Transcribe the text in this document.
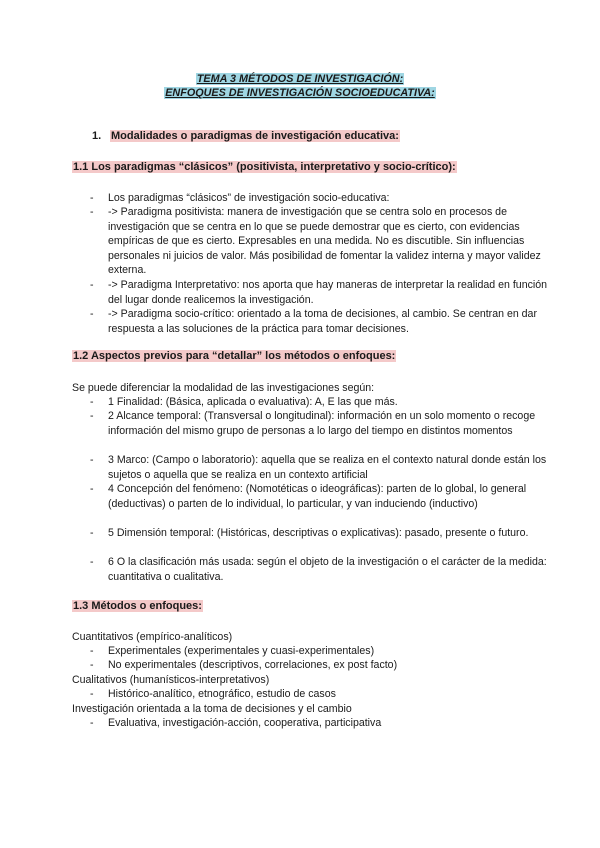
TEMA 3 MÉTODOS DE INVESTIGACIÓN:
ENFOQUES DE INVESTIGACIÓN SOCIOEDUCATIVA:
1. Modalidades o paradigmas de investigación educativa:
1.1 Los paradigmas “clásicos” (positivista, interpretativo y socio-crítico):
- Los paradigmas “clásicos” de investigación socio-educativa:
- -> Paradigma positivista: manera de investigación que se centra solo en procesos de investigación que se centra en lo que se puede demostrar que es cierto, con evidencias empíricas de que es cierto. Expresables en una medida. No es discutible. Sin influencias personales ni juicios de valor. Más posibilidad de fomentar la validez interna y mayor validez externa.
- -> Paradigma Interpretativo: nos aporta que hay maneras de interpretar la realidad en función del lugar donde realicemos la investigación.
- -> Paradigma socio-crítico: orientado a la toma de decisiones, al cambio. Se centran en dar respuesta a las soluciones de la práctica para tomar decisiones.
1.2 Aspectos previos para “detallar” los métodos o enfoques:
Se puede diferenciar la modalidad de las investigaciones según:
- 1 Finalidad: (Básica, aplicada o evaluativa): A, E las que más.
- 2 Alcance temporal: (Transversal o longitudinal): información en un solo momento o recoge información del mismo grupo de personas a lo largo del tiempo en distintos momentos
- 3 Marco: (Campo o laboratorio): aquella que se realiza en el contexto natural donde están los sujetos o aquella que se realiza en un contexto artificial
- 4 Concepción del fenómeno: (Nomotéticas o ideográficas): parten de lo global, lo general (deductivas) o parten de lo individual, lo particular, y van induciendo (inductivo)
- 5 Dimensión temporal: (Históricas, descriptivas o explicativas): pasado, presente o futuro.
- 6 O la clasificación más usada: según el objeto de la investigación o el carácter de la medida: cuantitativa o cualitativa.
1.3 Métodos o enfoques:
Cuantitativos (empírico-analíticos)
- Experimentales (experimentales y cuasi-experimentales)
- No experimentales (descriptivos, correlaciones, ex post facto)
Cualitativos (humanísticos-interpretativos)
- Histórico-analítico, etnográfico, estudio de casos
Investigación orientada a la toma de decisiones y el cambio
- Evaluativa, investigación-acción, cooperativa, participativa
